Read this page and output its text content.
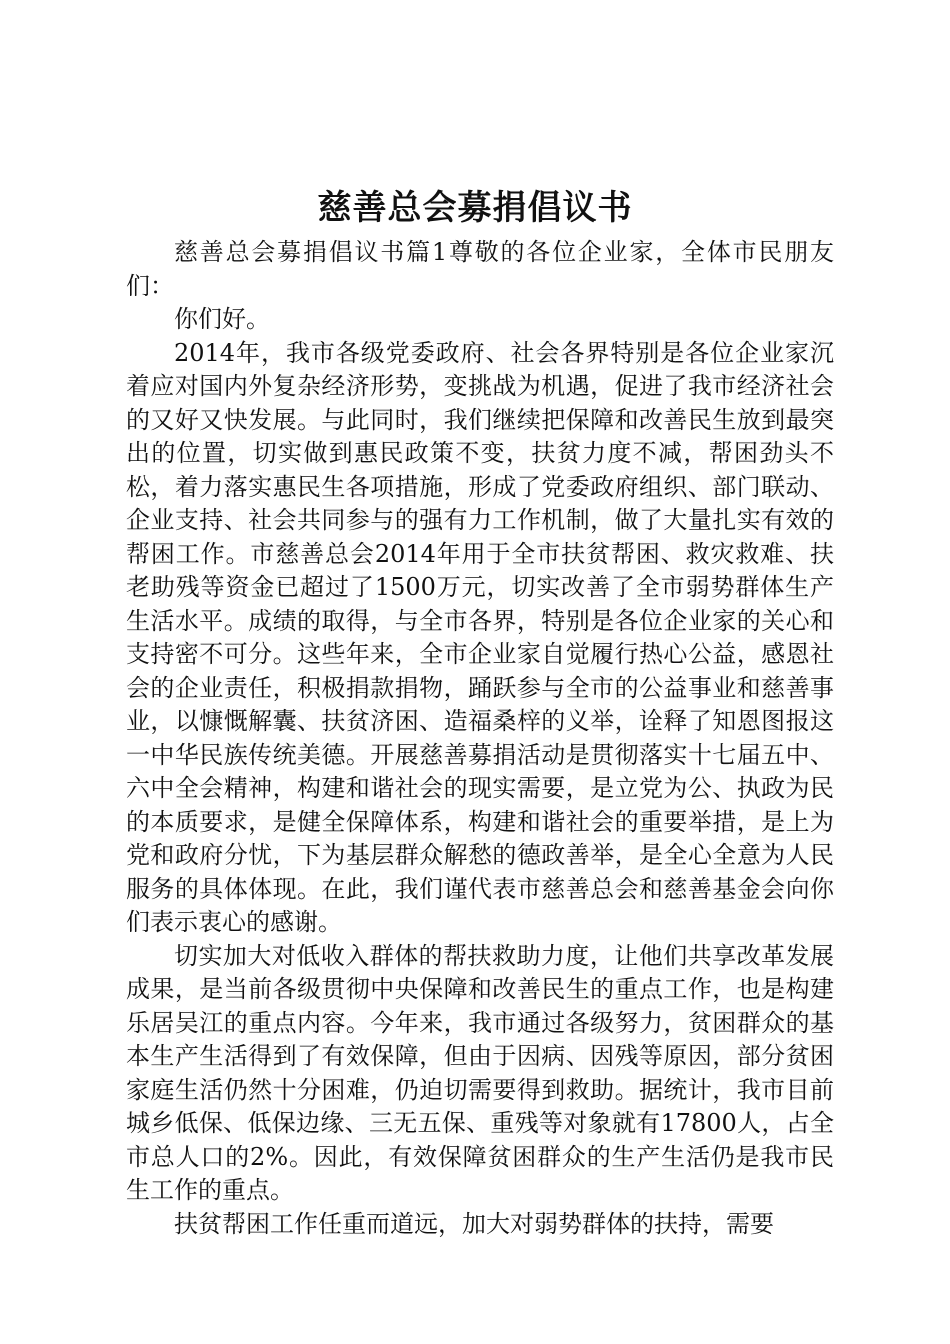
慈善总会募捐倡议书

慈善总会募捐倡议书篇1尊敬的各位企业家，全体市民朋友们：

你们好。

2014年，我市各级党委政府、社会各界特别是各位企业家沉着应对国内外复杂经济形势，变挑战为机遇，促进了我市经济社会的又好又快发展。与此同时，我们继续把保障和改善民生放到最突出的位置，切实做到惠民政策不变，扶贫力度不减，帮困劲头不松，着力落实惠民生各项措施，形成了党委政府组织、部门联动、企业支持、社会共同参与的强有力工作机制，做了大量扎实有效的帮困工作。市慈善总会2014年用于全市扶贫帮困、救灾救难、扶老助残等资金已超过了1500万元，切实改善了全市弱势群体生产生活水平。成绩的取得，与全市各界，特别是各位企业家的关心和支持密不可分。这些年来，全市企业家自觉履行热心公益，感恩社会的企业责任，积极捐款捐物，踊跃参与全市的公益事业和慈善事业，以慷慨解囊、扶贫济困、造福桑梓的义举，诠释了知恩图报这一中华民族传统美德。开展慈善募捐活动是贯彻落实十七届五中、六中全会精神，构建和谐社会的现实需要，是立党为公、执政为民的本质要求，是健全保障体系，构建和谐社会的重要举措，是上为党和政府分忧，下为基层群众解愁的德政善举，是全心全意为人民服务的具体体现。在此，我们谨代表市慈善总会和慈善基金会向你们表示衷心的感谢。

切实加大对低收入群体的帮扶救助力度，让他们共享改革发展成果，是当前各级贯彻中央保障和改善民生的重点工作，也是构建乐居吴江的重点内容。今年来，我市通过各级努力，贫困群众的基本生产生活得到了有效保障，但由于因病、因残等原因，部分贫困家庭生活仍然十分困难，仍迫切需要得到救助。据统计，我市目前城乡低保、低保边缘、三无五保、重残等对象就有17800人，占全市总人口的2%。因此，有效保障贫困群众的生产生活仍是我市民生工作的重点。

扶贫帮困工作任重而道远，加大对弱势群体的扶持，需要
